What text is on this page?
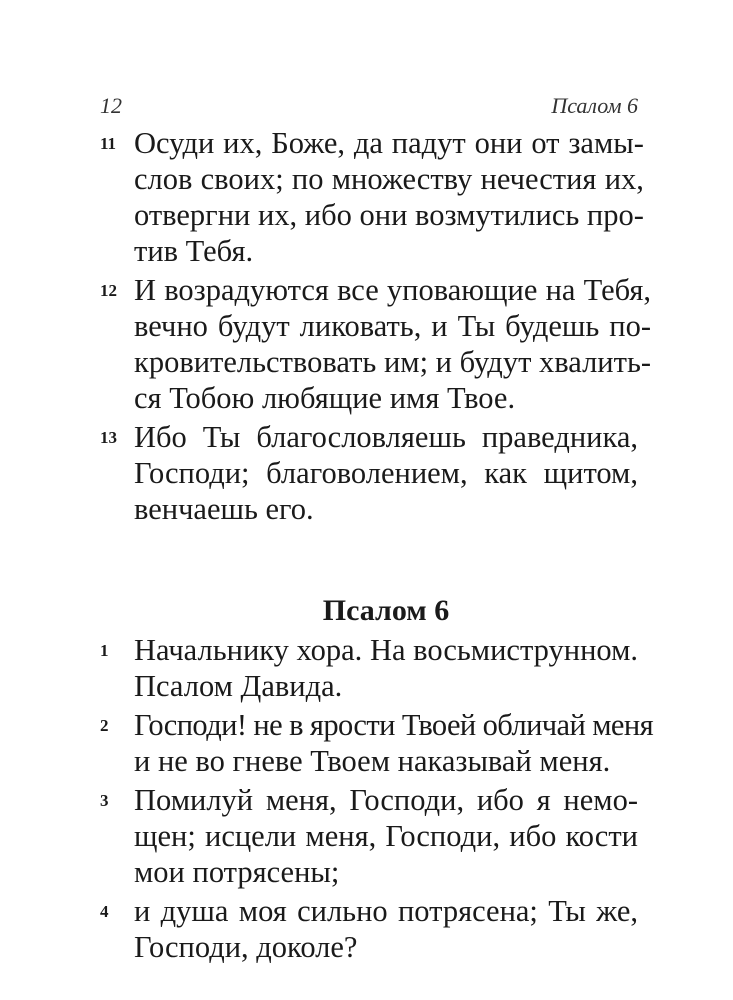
12	Псалом 6
11 Осуди их, Боже, да падут они от замы-
слов своих; по множеству нечестия их,
отвергни их, ибо они возмутились про-
тив Тебя.
12 И возрадуются все уповающие на Тебя,
вечно будут ликовать, и Ты будешь по-
кровительствовать им; и будут хвалить-
ся Тобою любящие имя Твое.
13 Ибо Ты благословляешь праведника,
Господи; благоволением, как щитом,
венчаешь его.
Псалом 6
1 Начальнику хора. На восьмиструнном.
Псалом Давида.
2 Господи! не в ярости Твоей обличай меня
и не во гневе Твоем наказывай меня.
3 Помилуй меня, Господи, ибо я немо-
щен; исцели меня, Господи, ибо кости
мои потрясены;
4 и душа моя сильно потрясена; Ты же,
Господи, доколе?
